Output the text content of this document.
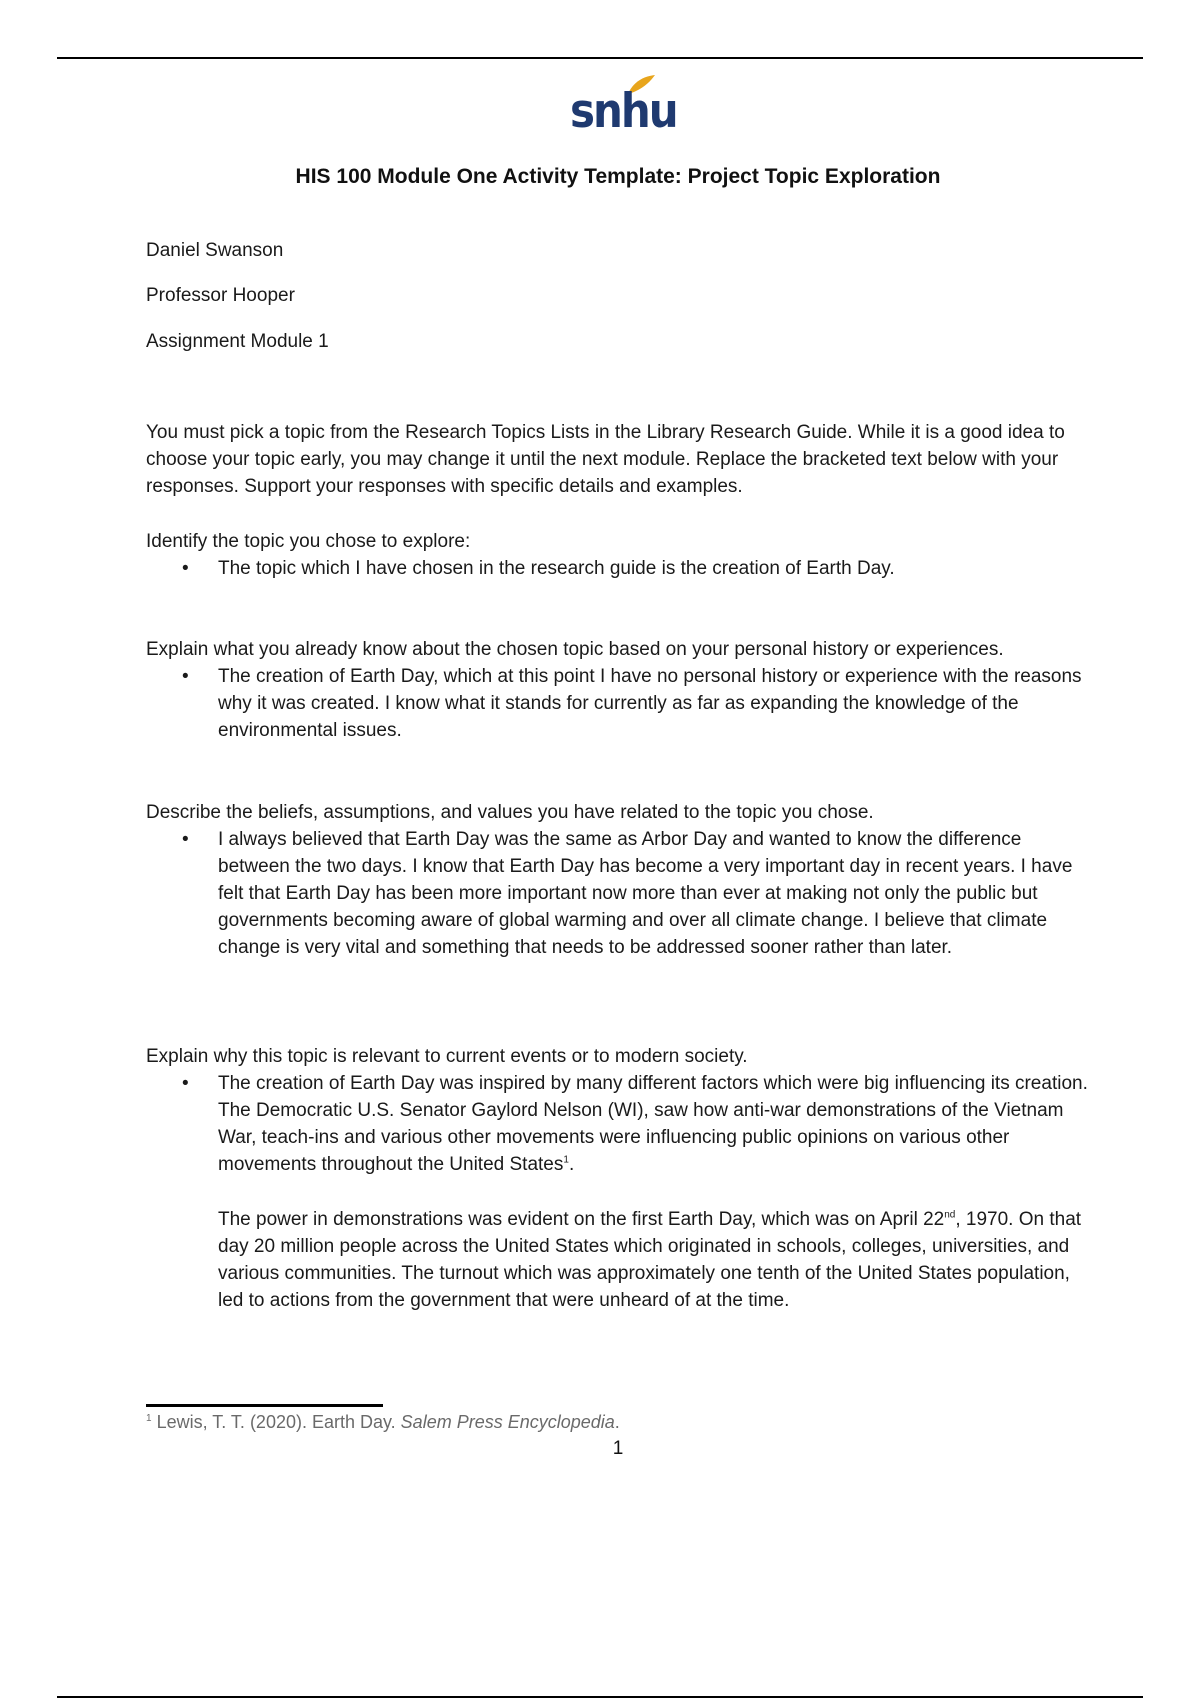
snhu
HIS 100 Module One Activity Template: Project Topic Exploration
Daniel Swanson
Professor Hooper
Assignment Module 1
You must pick a topic from the Research Topics Lists in the Library Research Guide. While it is a good idea to choose your topic early, you may change it until the next module. Replace the bracketed text below with your responses. Support your responses with specific details and examples.
Identify the topic you chose to explore:
•	The topic which I have chosen in the research guide is the creation of Earth Day.
Explain what you already know about the chosen topic based on your personal history or experiences.
•	The creation of Earth Day, which at this point I have no personal history or experience with the reasons why it was created. I know what it stands for currently as far as expanding the knowledge of the environmental issues.
Describe the beliefs, assumptions, and values you have related to the topic you chose.
•	I always believed that Earth Day was the same as Arbor Day and wanted to know the difference between the two days. I know that Earth Day has become a very important day in recent years. I have felt that Earth Day has been more important now more than ever at making not only the public but governments becoming aware of global warming and over all climate change. I believe that climate change is very vital and something that needs to be addressed sooner rather than later.
Explain why this topic is relevant to current events or to modern society.
•	The creation of Earth Day was inspired by many different factors which were big influencing its creation. The Democratic U.S. Senator Gaylord Nelson (WI), saw how anti-war demonstrations of the Vietnam War, teach-ins and various other movements were influencing public opinions on various other movements throughout the United States$^1$.
The power in demonstrations was evident on the first Earth Day, which was on April 22nd, 1970. On that day 20 million people across the United States which originated in schools, colleges, universities, and various communities. The turnout which was approximately one tenth of the United States population, led to actions from the government that were unheard of at the time.
$^1$ Lewis, T. T. (2020). Earth Day. Salem Press Encyclopedia.
1
